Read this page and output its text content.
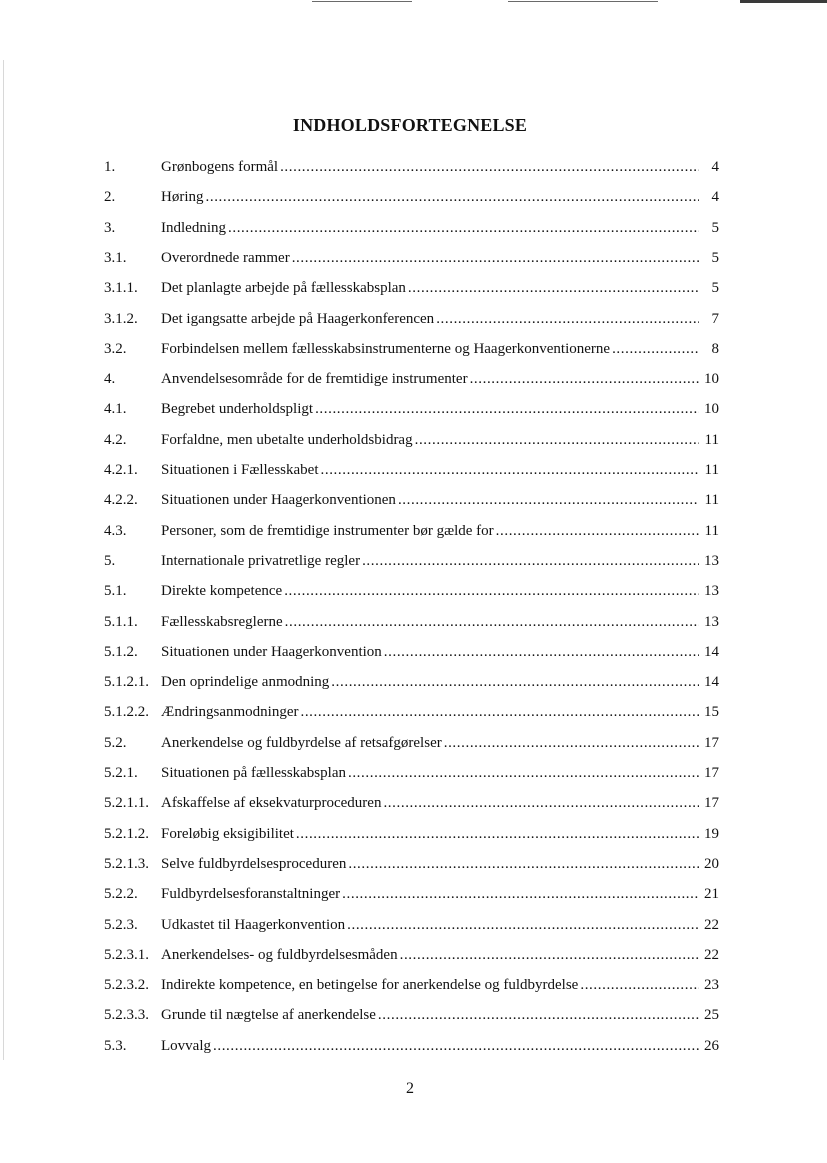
INDHOLDSFORTEGNELSE
1.	Grønbogens formål .....	4
2.	Høring .....	4
3.	Indledning .....	5
3.1. Overordnede rammer .....	5
3.1.1. Det planlagte arbejde på fællesskabsplan .....	5
3.1.2. Det igangsatte arbejde på Haagerkonferencen .....	7
3.2. Forbindelsen mellem fællesskabsinstrumenterne og Haagerkonventionerne .....	8
4.	Anvendelsesområde for de fremtidige instrumenter .....	10
4.1. Begrebet underholdspligt .....	10
4.2. Forfaldne, men ubetalte underholdsbidrag .....	11
4.2.1. Situationen i Fællesskabet .....	11
4.2.2. Situationen under Haagerkonventionen .....	11
4.3. Personer, som de fremtidige instrumenter bør gælde for .....	11
5.	Internationale privatretlige regler .....	13
5.1. Direkte kompetence .....	13
5.1.1. Fællesskabsreglerne .....	13
5.1.2. Situationen under Haagerkonvention .....	14
5.1.2.1. Den oprindelige anmodning .....	14
5.1.2.2. Ændringsanmodninger .....	15
5.2. Anerkendelse og fuldbyrdelse af retsafgørelser .....	17
5.2.1. Situationen på fællesskabsplan .....	17
5.2.1.1. Afskaffelse af eksekvaturproceduren .....	17
5.2.1.2. Foreløbig eksigibilitet .....	19
5.2.1.3. Selve fuldbyrdelsesproceduren .....	20
5.2.2. Fuldbyrdelsesforanstaltninger .....	21
5.2.3. Udkastet til Haagerkonvention .....	22
5.2.3.1. Anerkendelses- og fuldbyrdelsesmåden .....	22
5.2.3.2. Indirekte kompetence, en betingelse for anerkendelse og fuldbyrdelse .....	23
5.2.3.3. Grunde til nægtelse af anerkendelse .....	25
5.3. Lovvalg .....	26
2
